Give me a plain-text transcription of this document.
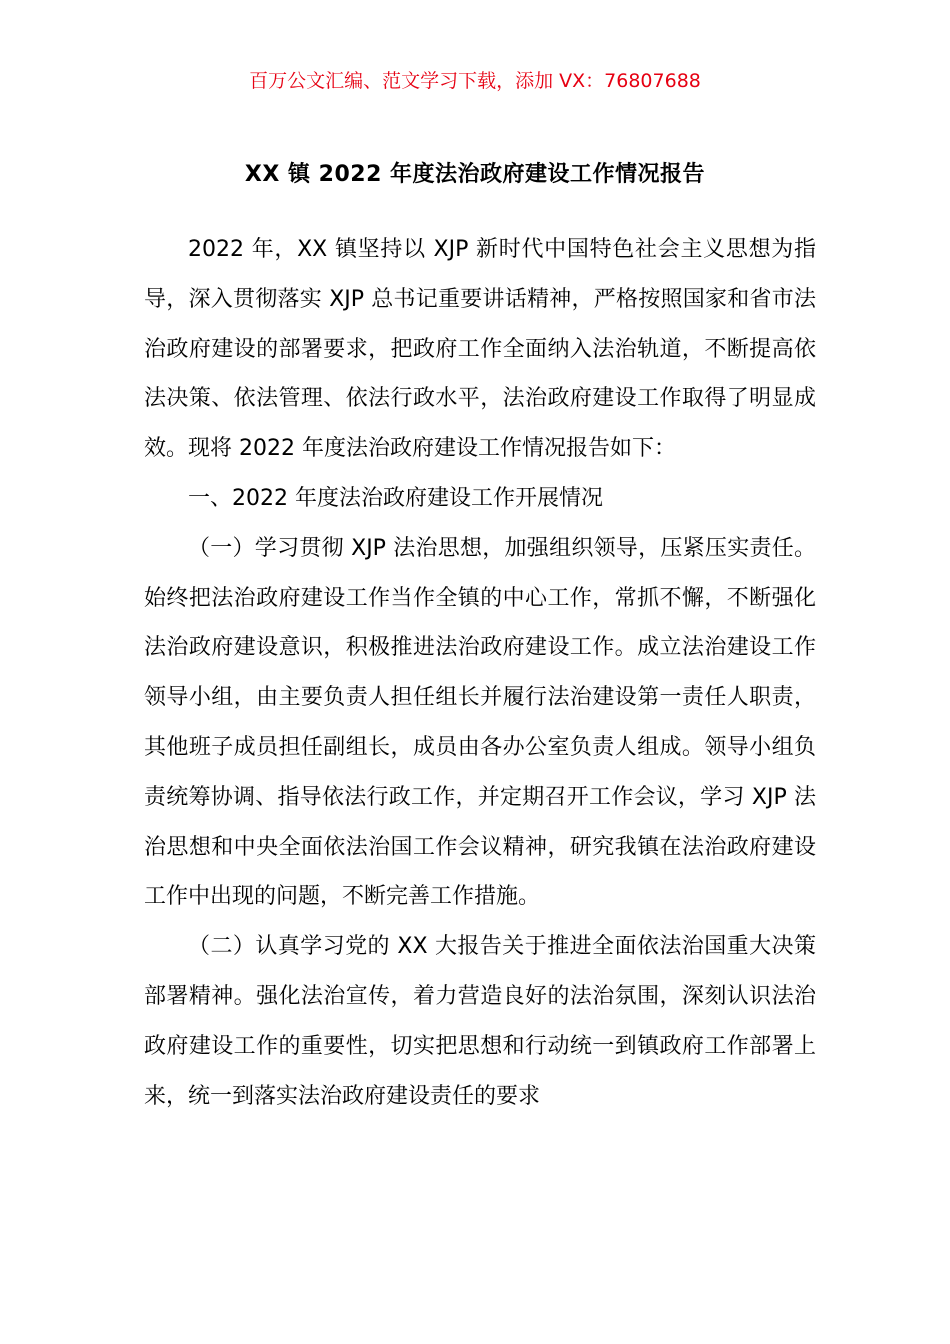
百万公文汇编、范文学习下载，添加 VX：76807688
XX 镇 2022 年度法治政府建设工作情况报告

2022 年，XX 镇坚持以 XJP 新时代中国特色社会主义思想为指导，深入贯彻落实 XJP 总书记重要讲话精神，严格按照国家和省市法治政府建设的部署要求，把政府工作全面纳入法治轨道，不断提高依法决策、依法管理、依法行政水平，法治政府建设工作取得了明显成效。现将 2022 年度法治政府建设工作情况报告如下：

一、2022 年度法治政府建设工作开展情况

（一）学习贯彻 XJP 法治思想，加强组织领导，压紧压实责任。始终把法治政府建设工作当作全镇的中心工作，常抓不懈，不断强化法治政府建设意识，积极推进法治政府建设工作。成立法治建设工作领导小组，由主要负责人担任组长并履行法治建设第一责任人职责，其他班子成员担任副组长，成员由各办公室负责人组成。领导小组负责统筹协调、指导依法行政工作，并定期召开工作会议，学习 XJP 法治思想和中央全面依法治国工作会议精神，研究我镇在法治政府建设工作中出现的问题，不断完善工作措施。

（二）认真学习党的 XX 大报告关于推进全面依法治国重大决策部署精神。强化法治宣传，着力营造良好的法治氛围，深刻认识法治政府建设工作的重要性，切实把思想和行动统一到镇政府工作部署上来，统一到落实法治政府建设责任的要求
